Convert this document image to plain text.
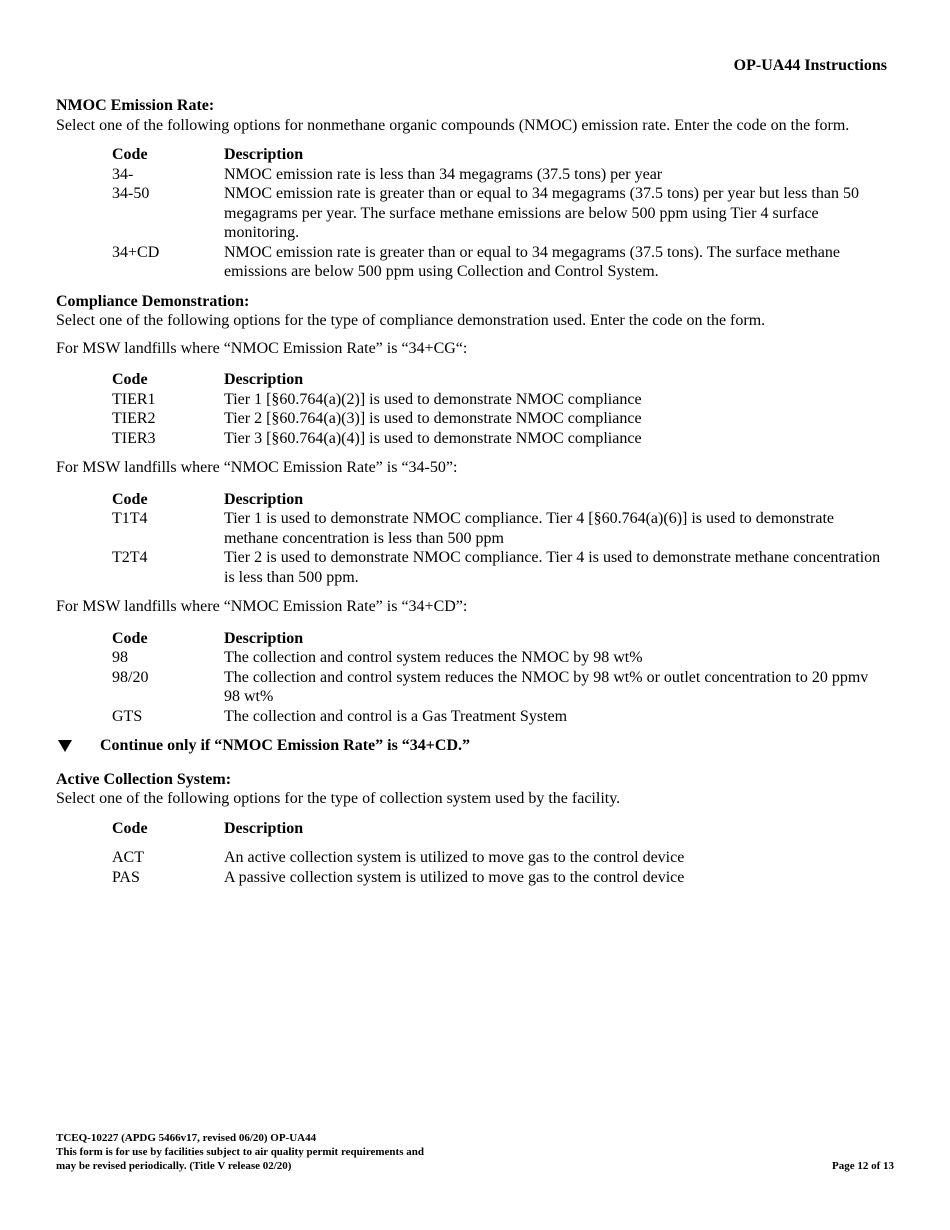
OP-UA44 Instructions

NMOC Emission Rate:

Select one of the following options for nonmethane organic compounds (NMOC) emission rate. Enter the code on the form.

Code	Description
34-	NMOC emission rate is less than 34 megagrams (37.5 tons) per year
34-50	NMOC emission rate is greater than or equal to 34 megagrams (37.5 tons) per year but less than 50 megagrams per year. The surface methane emissions are below 500 ppm using Tier 4 surface monitoring.
34+CD	NMOC emission rate is greater than or equal to 34 megagrams (37.5 tons). The surface methane emissions are below 500 ppm using Collection and Control System.

Compliance Demonstration:

Select one of the following options for the type of compliance demonstration used. Enter the code on the form.

For MSW landfills where “NMOC Emission Rate” is “34+CG“:

Code	Description
TIER1	Tier 1 [§60.764(a)(2)] is used to demonstrate NMOC compliance
TIER2	Tier 2 [§60.764(a)(3)] is used to demonstrate NMOC compliance
TIER3	Tier 3 [§60.764(a)(4)] is used to demonstrate NMOC compliance

For MSW landfills where “NMOC Emission Rate” is “34-50”:

Code	Description
T1T4	Tier 1 is used to demonstrate NMOC compliance. Tier 4 [§60.764(a)(6)] is used to demonstrate methane concentration is less than 500 ppm
T2T4	Tier 2 is used to demonstrate NMOC compliance. Tier 4 is used to demonstrate methane concentration is less than 500 ppm.

For MSW landfills where “NMOC Emission Rate” is “34+CD”:

Code	Description
98	The collection and control system reduces the NMOC by 98 wt%
98/20	The collection and control system reduces the NMOC by 98 wt% or outlet concentration to 20 ppmv 98 wt%
GTS	The collection and control is a Gas Treatment System
Continue only if “NMOC Emission Rate” is “34+CD.”

Active Collection System:

Select one of the following options for the type of collection system used by the facility.

Code	Description

ACT	An active collection system is utilized to move gas to the control device
PAS	A passive collection system is utilized to move gas to the control device
TCEQ-10227 (APDG 5466v17, revised 06/20) OP-UA44
This form is for use by facilities subject to air quality permit requirements and
may be revised periodically. (Title V release 02/20)	Page 12 of 13
